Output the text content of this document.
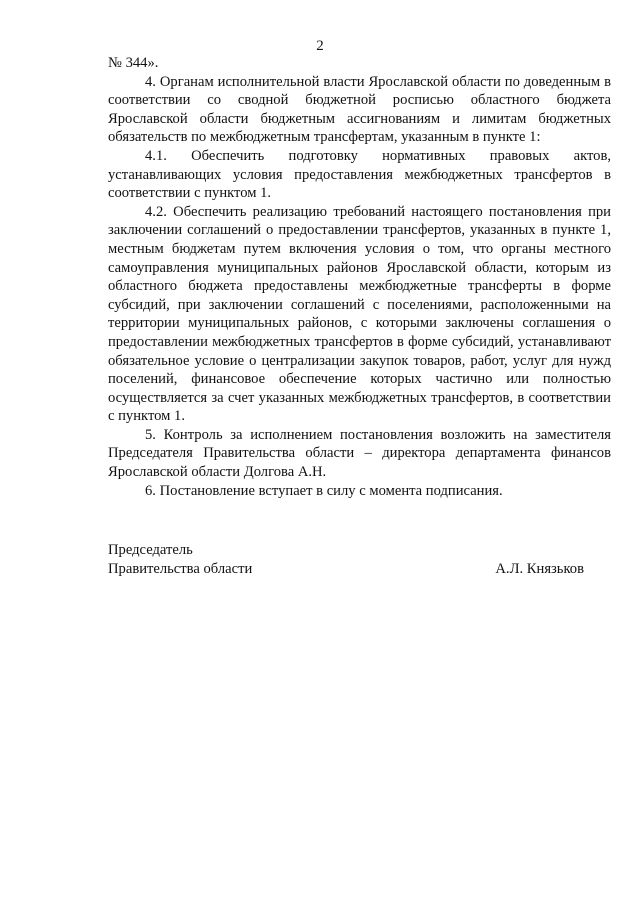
2

№ 344».

4. Органам исполнительной власти Ярославской области по доведенным в соответствии со сводной бюджетной росписью областного бюджета Ярославской области бюджетным ассигнованиям и лимитам бюджетных обязательств по межбюджетным трансфертам, указанным в пункте 1:

4.1. Обеспечить подготовку нормативных правовых актов, устанавливающих условия предоставления межбюджетных трансфертов в соответствии с пунктом 1.

4.2. Обеспечить реализацию требований настоящего постановления при заключении соглашений о предоставлении трансфертов, указанных в пункте 1, местным бюджетам путем включения условия о том, что органы местного самоуправления муниципальных районов Ярославской области, которым из областного бюджета предоставлены межбюджетные трансферты в форме субсидий, при заключении соглашений с поселениями, расположенными на территории муниципальных районов, с которыми заключены соглашения о предоставлении межбюджетных трансфертов в форме субсидий, устанавливают обязательное условие о централизации закупок товаров, работ, услуг для нужд поселений, финансовое обеспечение которых частично или полностью осуществляется за счет указанных межбюджетных трансфертов, в соответствии с пунктом 1.

5. Контроль за исполнением постановления возложить на заместителя Председателя Правительства области – директора департамента финансов Ярославской области Долгова А.Н.

6. Постановление вступает в силу с момента подписания.

Председатель
Правительства области	А.Л. Князьков
